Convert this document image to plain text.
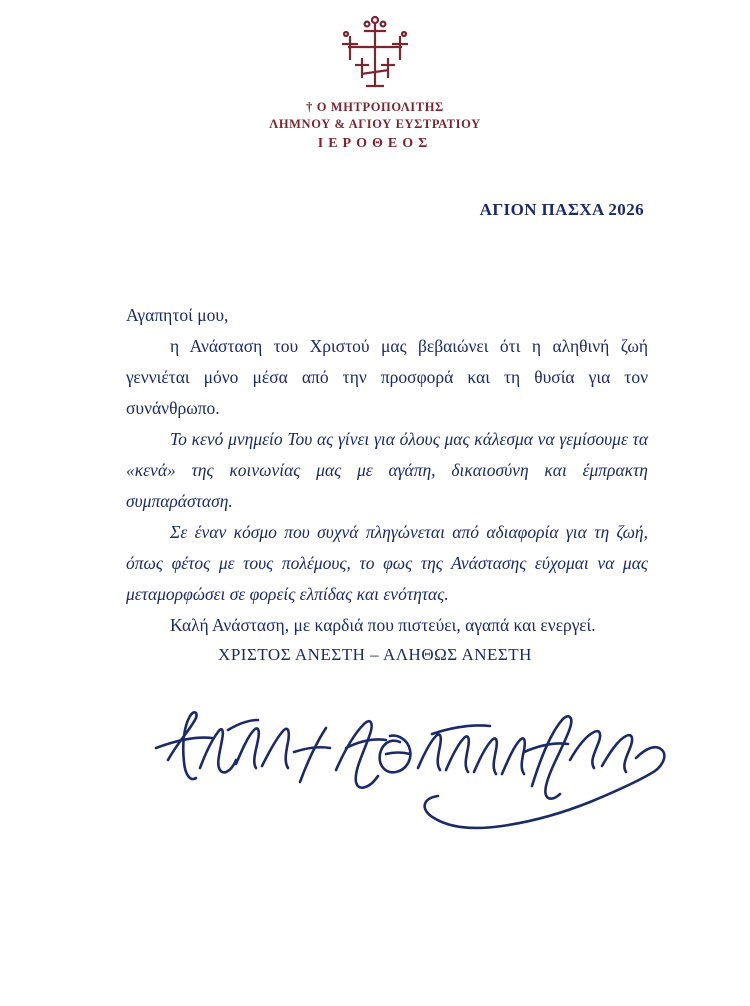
† Ο ΜΗΤΡΟΠΟΛΙΤΗΣ
ΛΗΜΝΟΥ & ΑΓΙΟΥ ΕΥΣΤΡΑΤΙΟΥ
ΙΕΡΟΘΕΟΣ
ΑΓΙΟΝ ΠΑΣΧΑ 2026

Αγαπητοί μου,

η Ανάσταση του Χριστού μας βεβαιώνει ότι η αληθινή ζωή γεννιέται μόνο μέσα από την προσφορά και τη θυσία για τον συνάνθρωπο.

Το κενό μνημείο Του ας γίνει για όλους μας κάλεσμα να γεμίσουμε τα «κενά» της κοινωνίας μας με αγάπη, δικαιοσύνη και έμπρακτη συμπαράσταση.

Σε έναν κόσμο που συχνά πληγώνεται από αδιαφορία για τη ζωή, όπως φέτος με τους πολέμους, το φως της Ανάστασης εύχομαι να μας μεταμορφώσει σε φορείς ελπίδας και ενότητας.

Καλή Ανάσταση, με καρδιά που πιστεύει, αγαπά και ενεργεί.

ΧΡΙΣΤΟΣ ΑΝΕΣΤΗ – ΑΛΗΘΩΣ ΑΝΕΣΤΗ
